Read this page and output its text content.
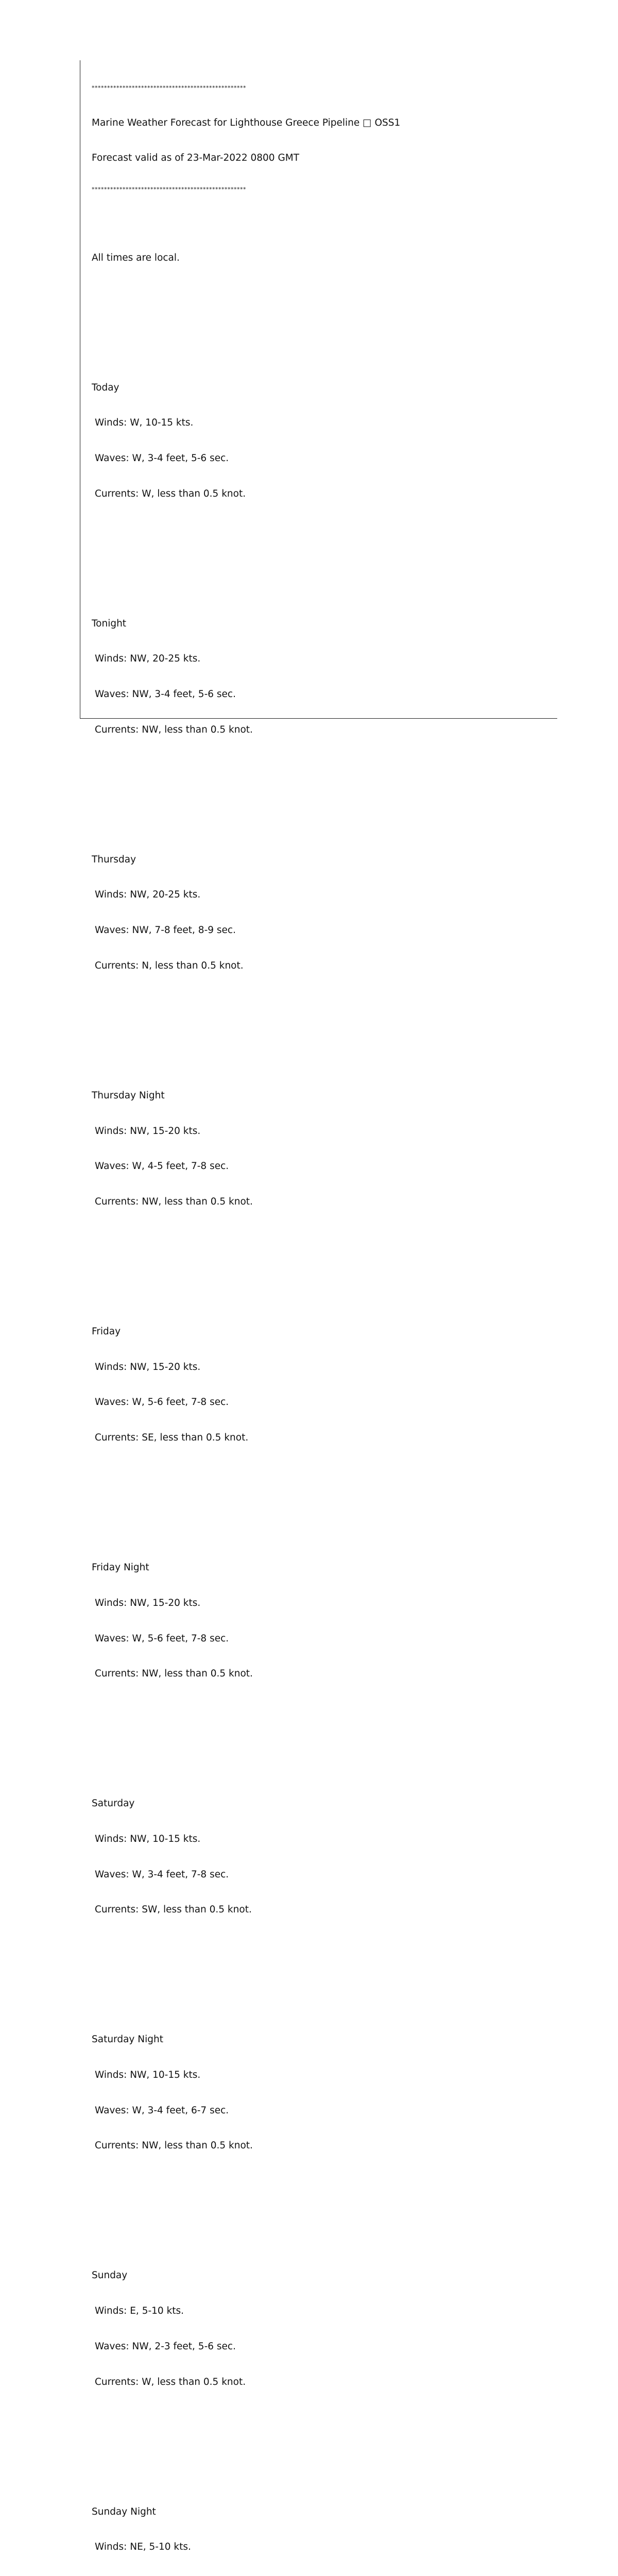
**************************************************

Marine Weather Forecast for Lighthouse Greece Pipeline □ OSS1

Forecast valid as of 23-Mar-2022 0800 GMT

**************************************************

All times are local.

Today

Winds: W, 10-15 kts.

Waves: W, 3-4 feet, 5-6 sec.

Currents: W, less than 0.5 knot.

Tonight

Winds: NW, 20-25 kts.

Waves: NW, 3-4 feet, 5-6 sec.

Currents: NW, less than 0.5 knot.

Thursday

Winds: NW, 20-25 kts.

Waves: NW, 7-8 feet, 8-9 sec.

Currents: N, less than 0.5 knot.

Thursday Night

Winds: NW, 15-20 kts.

Waves: W, 4-5 feet, 7-8 sec.

Currents: NW, less than 0.5 knot.

Friday

Winds: NW, 15-20 kts.

Waves: W, 5-6 feet, 7-8 sec.

Currents: SE, less than 0.5 knot.

Friday Night

Winds: NW, 15-20 kts.

Waves: W, 5-6 feet, 7-8 sec.

Currents: NW, less than 0.5 knot.

Saturday

Winds: NW, 10-15 kts.

Waves: W, 3-4 feet, 7-8 sec.

Currents: SW, less than 0.5 knot.

Saturday Night

Winds: NW, 10-15 kts.

Waves: W, 3-4 feet, 6-7 sec.

Currents: NW, less than 0.5 knot.

Sunday

Winds: E, 5-10 kts.

Waves: NW, 2-3 feet, 5-6 sec.

Currents: W, less than 0.5 knot.

Sunday Night

Winds: NE, 5-10 kts.
